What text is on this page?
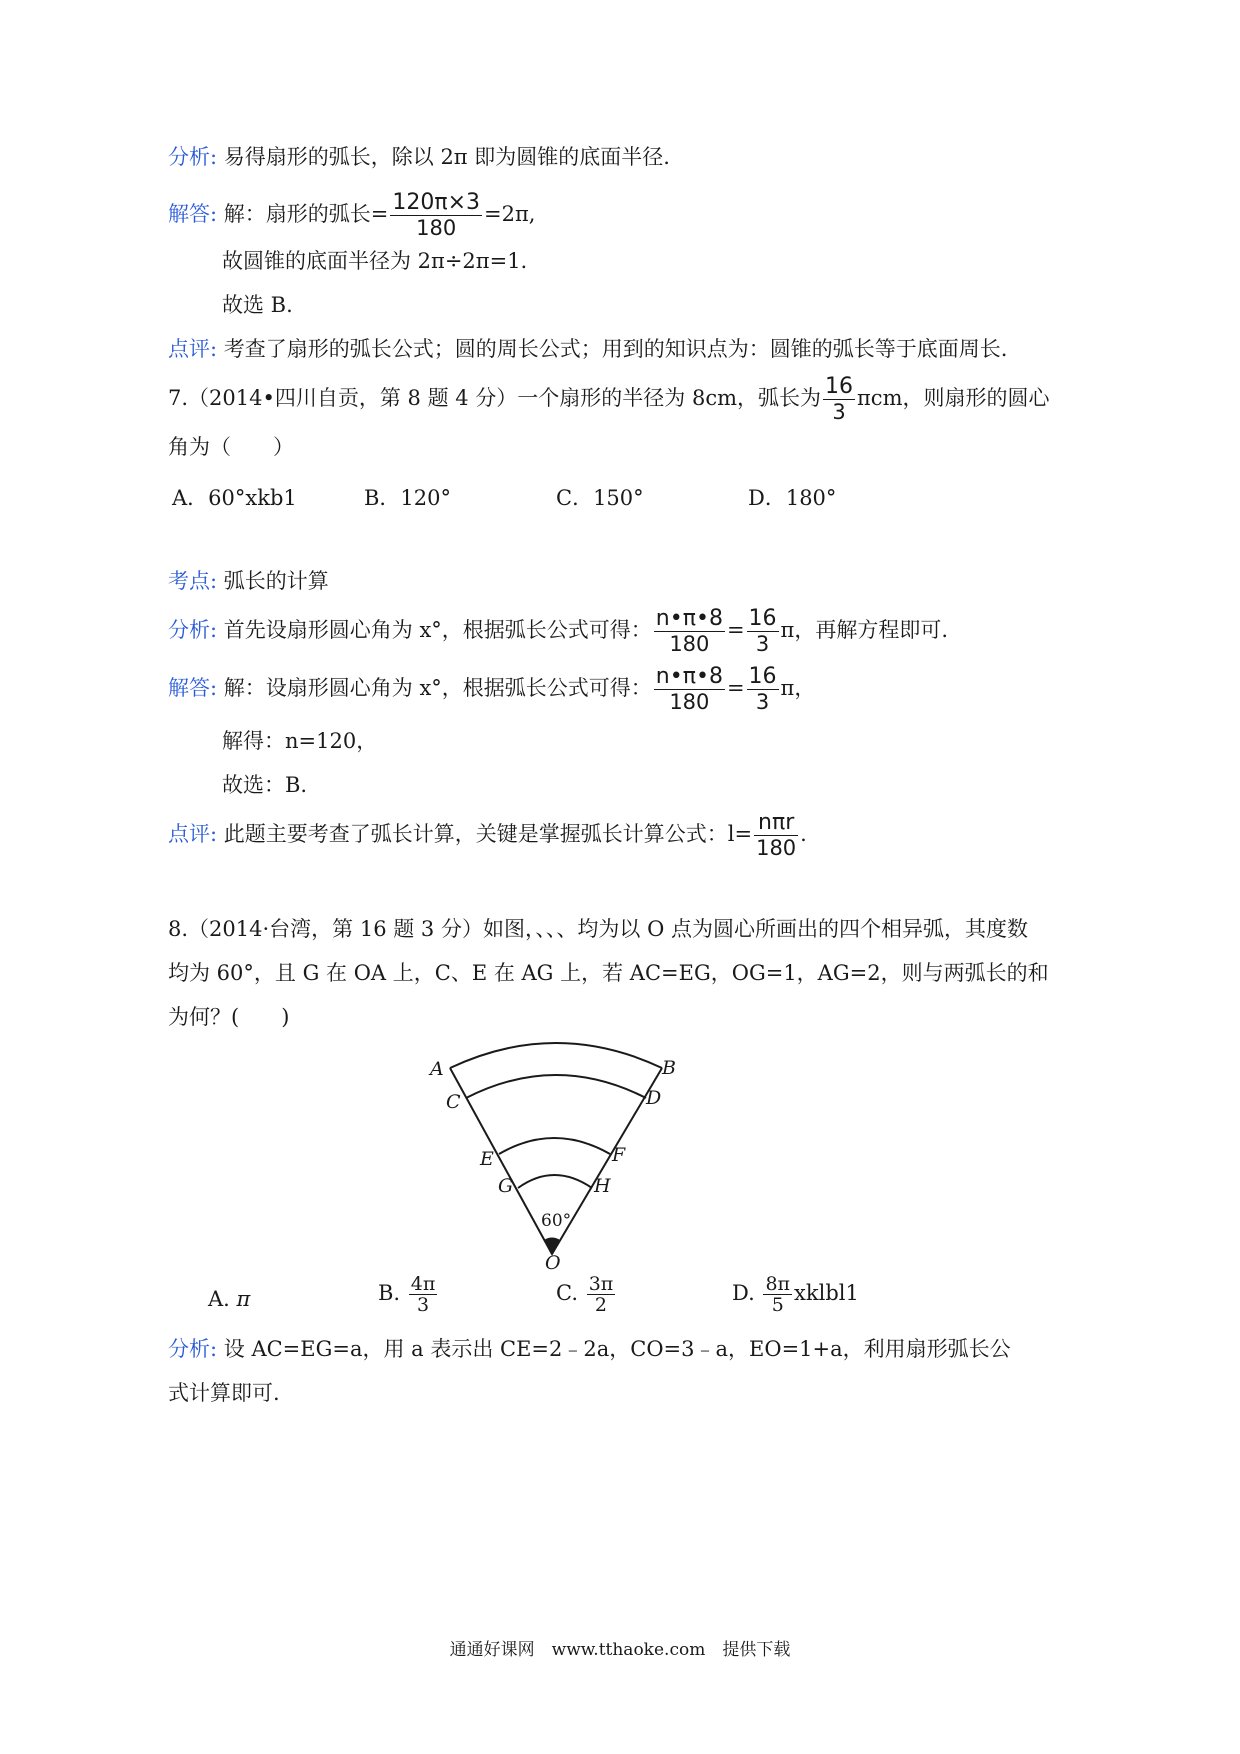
分析: 易得扇形的弧长，除以 2π 即为圆锥的底面半径.
解答: 解：扇形的弧长= $\frac{120\pi\times 3}{180} =2\pi$,
故圆锥的底面半径为 2π÷2π=1.
故选 B.
点评: 考查了扇形的弧长公式；圆的周长公式；用到的知识点为：圆锥的弧长等于底面周长.
7.（2014•四川自贡，第 8 题 4 分）一个扇形的半径为 8cm，弧长为 $\frac{16}{3}$ πcm，则扇形的圆心
角为（　　）
A．60°xkb1	B．120°	C．150°	D．180°
考点: 弧长的计算
分析: 首先设扇形圆心角为 x°，根据弧长公式可得： $\frac{n•\pi•8}{180} = \frac{16}{3}$ π，再解方程即可.
解答: 解：设扇形圆心角为 x°，根据弧长公式可得： $\frac{n•\pi•8}{180} = \frac{16}{3}$ π，
解得：n=120，
故选：B.
点评: 此题主要考查了弧长计算，关键是掌握弧长计算公式：$l= \frac{\text{nπr}}{180}$ .
8.（2014·台湾，第 16 题 3 分）如图，、、、均为以 O 点为圆心所画出的四个相异弧，其度数
均为 60°，且 G 在 OA 上，C、E 在 AG 上，若 AC=EG，OG=1，AG=2，则与两弧长的和
为何？(　　)
A	B
C	D
E	F
G	H
60°
O
A. π	B. $\frac{4\pi}{3}$	C. $\frac{3\pi}{2}$	D. $\frac{8\pi}{5}$ xklbl1
分析: 设 AC=EG=a，用 a 表示出 CE=2﹣2a，CO=3﹣a，EO=1+a，利用扇形弧长公
式计算即可.
通通好课网　www.tthaoke.com　提供下载
